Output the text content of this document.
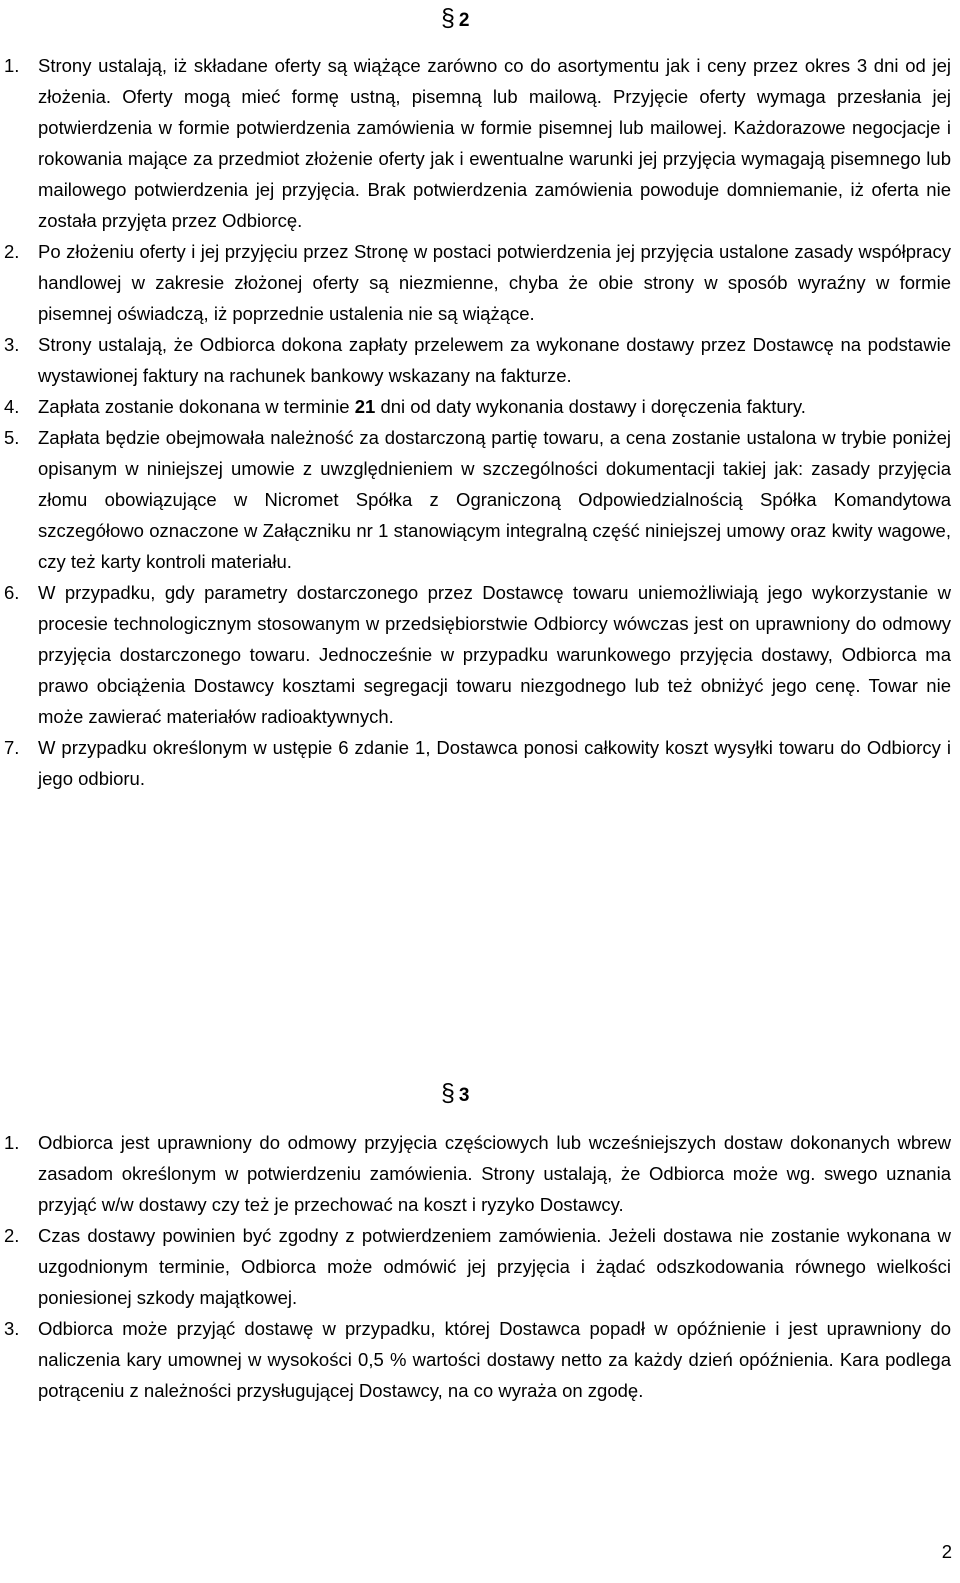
§ 2
1. Strony ustalają, iż składane oferty są wiążące zarówno co do asortymentu jak i ceny przez okres 3 dni od jej złożenia. Oferty mogą mieć formę ustną, pisemną lub mailową. Przyjęcie oferty wymaga przesłania jej potwierdzenia w formie potwierdzenia zamówienia w formie pisemnej lub mailowej. Każdorazowe negocjacje i rokowania mające za przedmiot złożenie oferty jak i ewentualne warunki jej przyjęcia wymagają pisemnego lub mailowego potwierdzenia jej przyjęcia. Brak potwierdzenia zamówienia powoduje domniemanie, iż oferta nie została przyjęta przez Odbiorcę.
2. Po złożeniu oferty i jej przyjęciu przez Stronę w postaci potwierdzenia jej przyjęcia ustalone zasady współpracy handlowej w zakresie złożonej oferty są niezmienne, chyba że obie strony w sposób wyraźny w formie pisemnej oświadczą, iż poprzednie ustalenia nie są wiążące.
3. Strony ustalają, że Odbiorca dokona zapłaty przelewem za wykonane dostawy przez Dostawcę na podstawie wystawionej faktury na rachunek bankowy wskazany na fakturze.
4. Zapłata zostanie dokonana w terminie 21 dni od daty wykonania dostawy i doręczenia faktury.
5. Zapłata będzie obejmowała należność za dostarczoną partię towaru, a cena zostanie ustalona w trybie poniżej opisanym w niniejszej umowie z uwzględnieniem w szczególności dokumentacji takiej jak: zasady przyjęcia złomu obowiązujące w Nicromet Spółka z Ograniczoną Odpowiedzialnością Spółka Komandytowa szczegółowo oznaczone w Załączniku nr 1 stanowiącym integralną część niniejszej umowy oraz kwity wagowe, czy też karty kontroli materiału.
6. W przypadku, gdy parametry dostarczonego przez Dostawcę towaru uniemożliwiają jego wykorzystanie w procesie technologicznym stosowanym w przedsiębiorstwie Odbiorcy wówczas jest on uprawniony do odmowy przyjęcia dostarczonego towaru. Jednocześnie w przypadku warunkowego przyjęcia dostawy, Odbiorca ma prawo obciążenia Dostawcy kosztami segregacji towaru niezgodnego lub też obniżyć jego cenę. Towar nie może zawierać materiałów radioaktywnych.
7. W przypadku określonym w ustępie 6 zdanie 1, Dostawca ponosi całkowity koszt wysyłki towaru do Odbiorcy i jego odbioru.
§ 3
1. Odbiorca jest uprawniony do odmowy przyjęcia częściowych lub wcześniejszych dostaw dokonanych wbrew zasadom określonym w potwierdzeniu zamówienia. Strony ustalają, że Odbiorca może wg. swego uznania przyjąć w/w dostawy czy też je przechować na koszt i ryzyko Dostawcy.
2. Czas dostawy powinien być zgodny z potwierdzeniem zamówienia. Jeżeli dostawa nie zostanie wykonana w uzgodnionym terminie, Odbiorca może odmówić jej przyjęcia i żądać odszkodowania równego wielkości poniesionej szkody majątkowej.
3. Odbiorca może przyjąć dostawę w przypadku, której Dostawca popadł w opóźnienie i jest uprawniony do naliczenia kary umownej w wysokości 0,5 % wartości dostawy netto za każdy dzień opóźnienia. Kara podlega potrąceniu z należności przysługującej Dostawcy, na co wyraża on zgodę.
2
